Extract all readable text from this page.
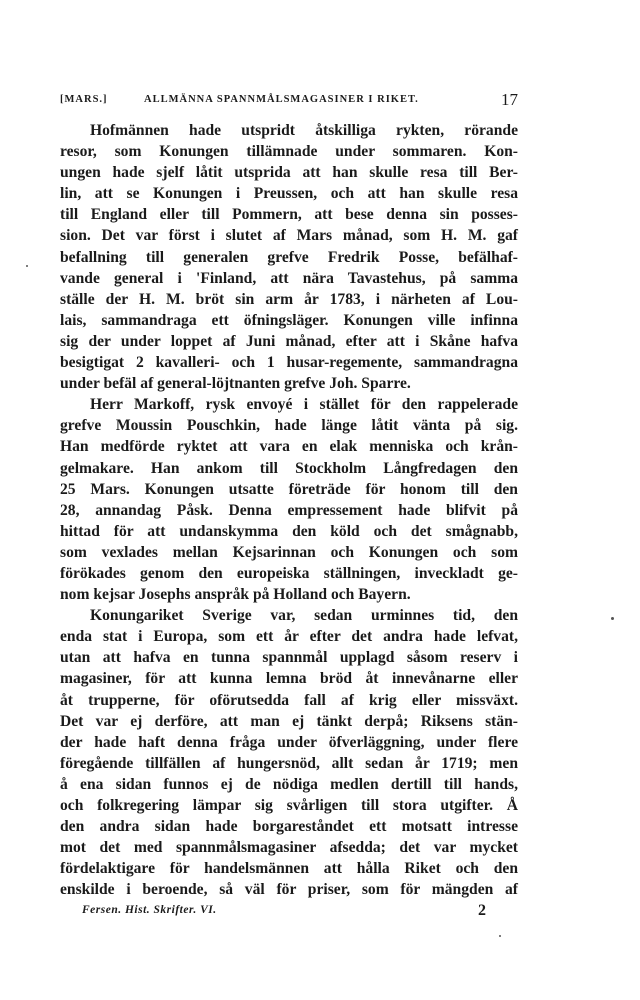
[MARS.]	ALLMÄNNA SPANNMÅLSMAGASINER I RIKET.	17
Hofmännen hade utspridt åtskilliga rykten, rörande
resor, som Konungen tillämnade under sommaren. Kon-
ungen hade sjelf låtit utsprida att han skulle resa till Ber-
lin, att se Konungen i Preussen, och att han skulle resa
till England eller till Pommern, att bese denna sin posses-
sion. Det var först i slutet af Mars månad, som H. M. gaf
befallning till generalen grefve Fredrik Posse, befälhaf-
vande general i 'Finland, att nära Tavastehus, på samma
ställe der H. M. bröt sin arm år 1783, i närheten af Lou-
lais, sammandraga ett öfningsläger. Konungen ville infinna
sig der under loppet af Juni månad, efter att i Skåne hafva
besigtigat 2 kavalleri- och 1 husar-regemente, sammandragna
under befäl af general-löjtnanten grefve Joh. Sparre.
Herr Markoff, rysk envoyé i stället för den rappelerade
grefve Moussin Pouschkin, hade länge låtit vänta på sig.
Han medförde ryktet att vara en elak menniska och krån-
gelmakare. Han ankom till Stockholm Långfredagen den
25 Mars. Konungen utsatte företräde för honom till den
28, annandag Påsk. Denna empressement hade blifvit på
hittad för att undanskymma den köld och det smågnabb,
som vexlades mellan Kejsarinnan och Konungen och som
förökades genom den europeiska ställningen, inveckladt ge-
nom kejsar Josephs anspråk på Holland och Bayern.
Konungariket Sverige var, sedan urminnes tid, den
enda stat i Europa, som ett år efter det andra hade lefvat,
utan att hafva en tunna spannmål upplagd såsom reserv i
magasiner, för att kunna lemna bröd åt innevånarne eller
åt trupperne, för oförutsedda fall af krig eller missväxt.
Det var ej derföre, att man ej tänkt derpå; Riksens stän-
der hade haft denna fråga under öfverläggning, under flere
föregående tillfällen af hungersnöd, allt sedan år 1719; men
å ena sidan funnos ej de nödiga medlen dertill till hands,
och folkregering lämpar sig svårligen till stora utgifter. Å
den andra sidan hade borgareståndet ett motsatt intresse
mot det med spannmålsmagasiner afsedda; det var mycket
fördelaktigare för handelsmännen att hålla Riket och den
enskilde i beroende, så väl för priser, som för mängden af
Fersen. Hist. Skrifter. VI.	2
